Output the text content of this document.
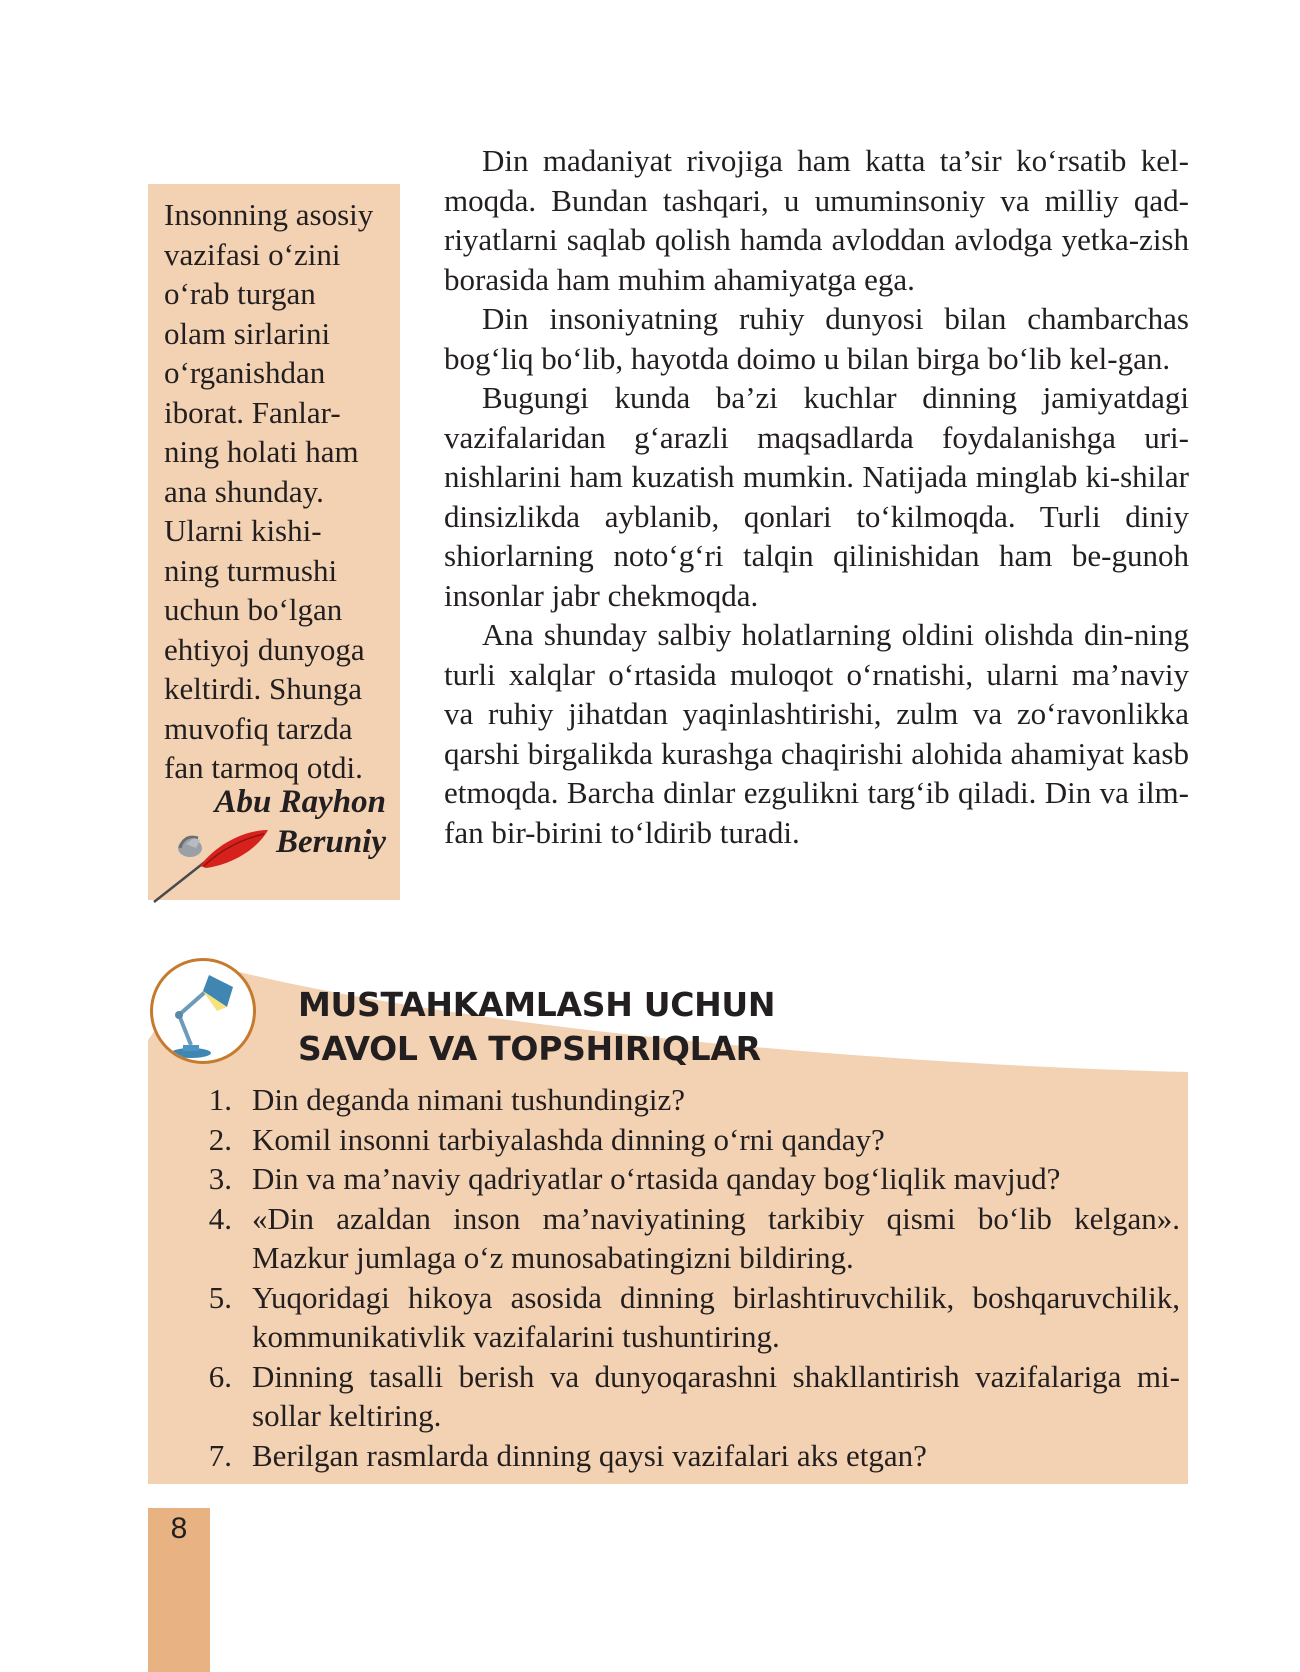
Insonning asosiy
vazifasi o‘zini
o‘rab turgan
olam sirlarini
o‘rganishdan
iborat. Fanlar-
ning holati ham
ana shunday.
Ularni kishi-
ning turmushi
uchun bo‘lgan
ehtiyoj dunyoga
keltirdi. Shunga
muvofiq tarzda
fan tarmoq otdi.
Abu Rayhon
Beruniy

Din madaniyat rivojiga ham katta ta’sir ko‘rsatib kel-moqda. Bundan tashqari, u umuminsoniy va milliy qad-riyatlarni saqlab qolish hamda avloddan avlodga yetka-zish borasida ham muhim ahamiyatga ega.

Din insoniyatning ruhiy dunyosi bilan chambarchas bog‘liq bo‘lib, hayotda doimo u bilan birga bo‘lib kel-gan.

Bugungi kunda ba’zi kuchlar dinning jamiyatdagi vazifalaridan g‘arazli maqsadlarda foydalanishga uri-nishlarini ham kuzatish mumkin. Natijada minglab ki-shilar dinsizlikda ayblanib, qonlari to‘kilmoqda. Turli diniy shiorlarning noto‘g‘ri talqin qilinishidan ham be-gunoh insonlar jabr chekmoqda.

Ana shunday salbiy holatlarning oldini olishda din-ning turli xalqlar o‘rtasida muloqot o‘rnatishi, ularni ma’naviy va ruhiy jihatdan yaqinlashtirishi, zulm va zo‘ravonlikka qarshi birgalikda kurashga chaqirishi alohida ahamiyat kasb etmoqda. Barcha dinlar ezgulikni targ‘ib qiladi. Din va ilm-fan bir-birini to‘ldirib turadi.

MUSTAHKAMLASH UCHUN
SAVOL VA TOPSHIRIQLAR
1. Din deganda nimani tushundingiz?
2. Komil insonni tarbiyalashda dinning o‘rni qanday?
3. Din va ma’naviy qadriyatlar o‘rtasida qanday bog‘liqlik mavjud?
4. «Din azaldan inson ma’naviyatining tarkibiy qismi bo‘lib kelgan». Mazkur jumlaga o‘z munosabatingizni bildiring.
5. Yuqoridagi hikoya asosida dinning birlashtiruvchilik, boshqaruvchilik, kommunikativlik vazifalarini tushuntiring.
6. Dinning tasalli berish va dunyoqarashni shakllantirish vazifalariga mi-sollar keltiring.
7. Berilgan rasmlarda dinning qaysi vazifalari aks etgan?
8
